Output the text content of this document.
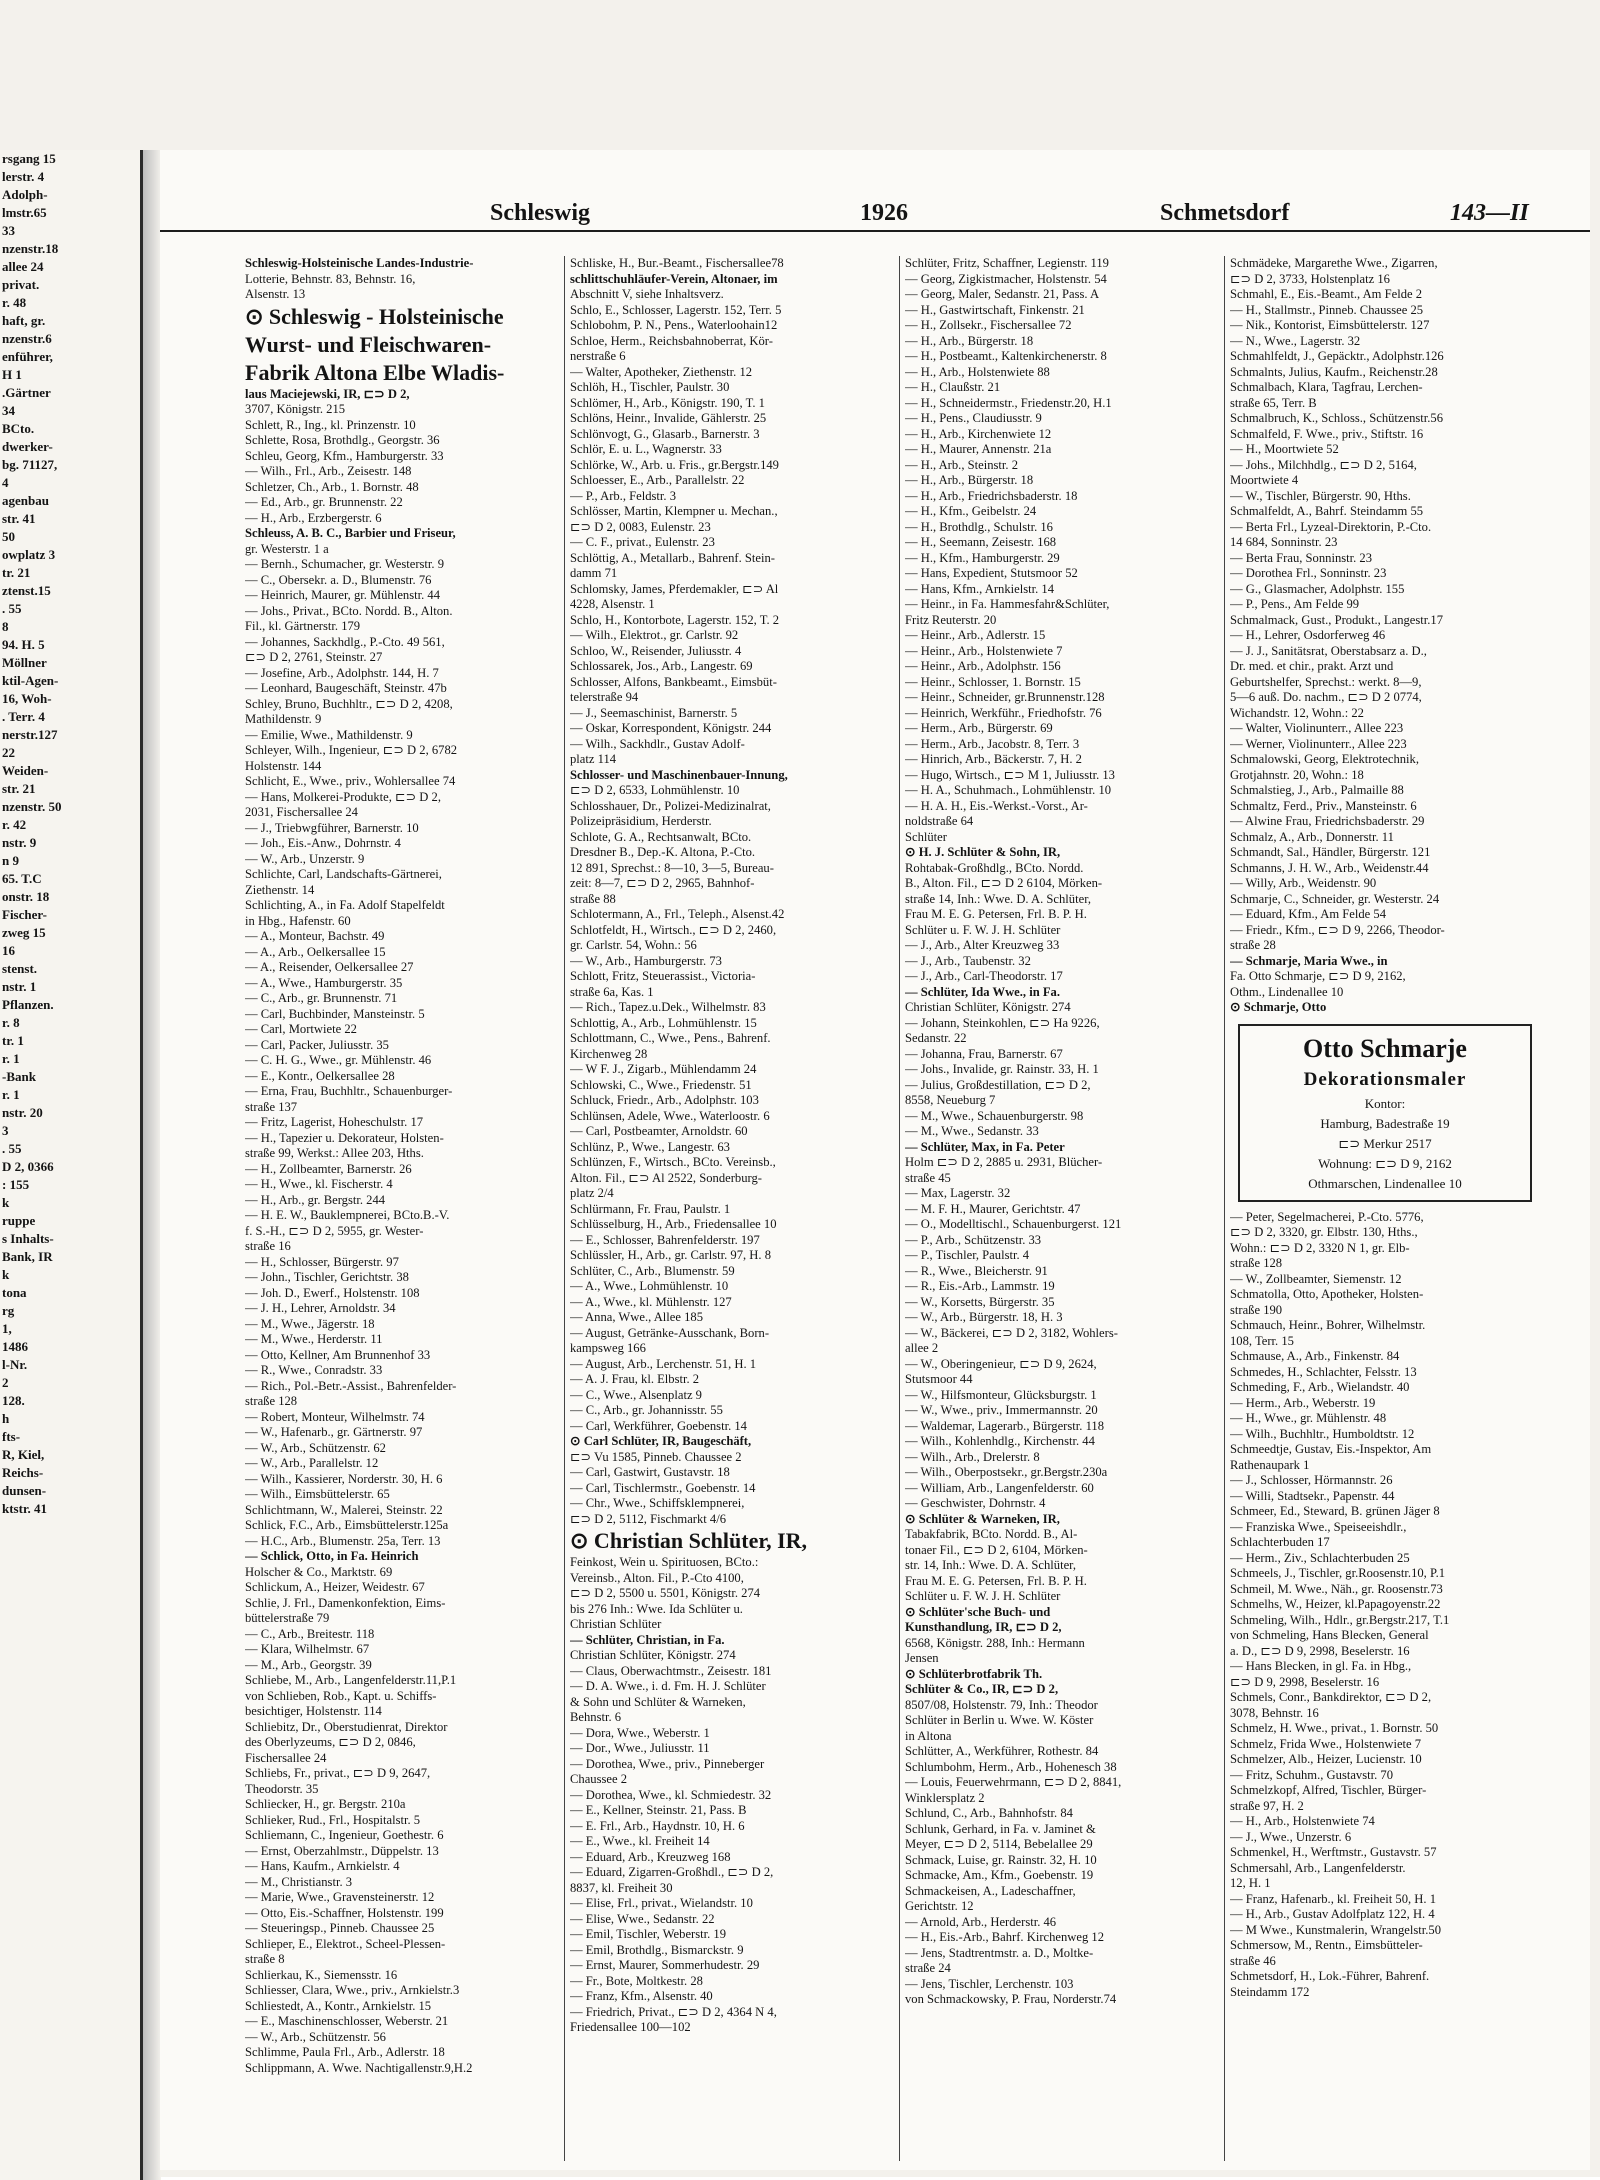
rsgang 15
lerstr. 4
Adolph-
lmstr.65
33
nzenstr.18
allee 24
privat.
r. 48
haft, gr.
nzenstr.6
enführer,
H 1
.Gärtner
34
BCto.
dwerker-
bg. 71127,
4
agenbau
str. 41
50
owplatz 3
tr. 21
ztenst.15
. 55
8
94. H. 5
Möllner
ktil-Agen-
16, Woh-
. Terr. 4
nerstr.127
22
Weiden-
str. 21
nzenstr. 50
r. 42
nstr. 9
n 9
65. T.C
onstr. 18
Fischer-
zweg 15
16
stenst.
nstr. 1
Pflanzen.
r. 8
tr. 1
r. 1
-Bank
r. 1
nstr. 20
3
. 55
D 2, 0366
: 155
k
ruppe
s Inhalts-
Bank, IR
k
tona
rg
1,
1486
l-Nr.
2
128.
h
fts-
R, Kiel,
Reichs-
dunsen-
ktstr. 41
Schleswig	1926	Schmetsdorf	143—II
Schleswig-Holsteinische Landes-Industrie-
Lotterie, Behnstr. 83, Behnstr. 16,
Alsenstr. 13
⊙ Schleswig - Holsteinische
Wurst- und Fleischwaren-
Fabrik Altona Elbe Wladis-
laus Maciejewski, IR, ⊏⊃ D 2,
3707, Königstr. 215
Schlett, R., Ing., kl. Prinzenstr. 10
Schlette, Rosa, Brothdlg., Georgstr. 36
Schleu, Georg, Kfm., Hamburgerstr. 33
— Wilh., Frl., Arb., Zeisestr. 148
Schletzer, Ch., Arb., 1. Bornstr. 48
— Ed., Arb., gr. Brunnenstr. 22
— H., Arb., Erzbergerstr. 6
Schleuss, A. B. C., Barbier und Friseur,
gr. Westerstr. 1 a
— Bernh., Schumacher, gr. Westerstr. 9
— C., Obersekr. a. D., Blumenstr. 76
— Heinrich, Maurer, gr. Mühlenstr. 44
— Johs., Privat., BCto. Nordd. B., Alton.
Fil., kl. Gärtnerstr. 179
— Johannes, Sackhdlg., P.-Cto. 49 561,
⊏⊃ D 2, 2761, Steinstr. 27
— Josefine, Arb., Adolphstr. 144, H. 7
— Leonhard, Baugeschäft, Steinstr. 47b
Schley, Bruno, Buchhltr., ⊏⊃ D 2, 4208,
Mathildenstr. 9
— Emilie, Wwe., Mathildenstr. 9
Schleyer, Wilh., Ingenieur, ⊏⊃ D 2, 6782
Holstenstr. 144
Schlicht, E., Wwe., priv., Wohlersallee 74
— Hans, Molkerei-Produkte, ⊏⊃ D 2,
2031, Fischersallee 24
— J., Triebwgführer, Barnerstr. 10
— Joh., Eis.-Anw., Dohrnstr. 4
— W., Arb., Unzerstr. 9
Schlichte, Carl, Landschafts-Gärtnerei,
Ziethenstr. 14
Schlichting, A., in Fa. Adolf Stapelfeldt
in Hbg., Hafenstr. 60
— A., Monteur, Bachstr. 49
— A., Arb., Oelkersallee 15
— A., Reisender, Oelkersallee 27
— A., Wwe., Hamburgerstr. 35
— C., Arb., gr. Brunnenstr. 71
— Carl, Buchbinder, Mansteinstr. 5
— Carl, Mortwiete 22
— Carl, Packer, Juliusstr. 35
— C. H. G., Wwe., gr. Mühlenstr. 46
— E., Kontr., Oelkersallee 28
— Erna, Frau, Buchhltr., Schauenburger-
straße 137
— Fritz, Lagerist, Hoheschulstr. 17
— H., Tapezier u. Dekorateur, Holsten-
straße 99, Werkst.: Allee 203, Hths.
— H., Zollbeamter, Barnerstr. 26
— H., Wwe., kl. Fischerstr. 4
— H., Arb., gr. Bergstr. 244
— H. E. W., Bauklempnerei, BCto.B.-V.
f. S.-H., ⊏⊃ D 2, 5955, gr. Wester-
straße 16
— H., Schlosser, Bürgerstr. 97
— John., Tischler, Gerichtstr. 38
— Joh. D., Ewerf., Holstenstr. 108
— J. H., Lehrer, Arnoldstr. 34
— M., Wwe., Jägerstr. 18
— M., Wwe., Herderstr. 11
— Otto, Kellner, Am Brunnenhof 33
— R., Wwe., Conradstr. 33
— Rich., Pol.-Betr.-Assist., Bahrenfelder-
straße 128
— Robert, Monteur, Wilhelmstr. 74
— W., Hafenarb., gr. Gärtnerstr. 97
— W., Arb., Schützenstr. 62
— W., Arb., Parallelstr. 12
— Wilh., Kassierer, Norderstr. 30, H. 6
— Wilh., Eimsbüttelerstr. 65
Schlichtmann, W., Malerei, Steinstr. 22
Schlick, F.C., Arb., Eimsbüttelerstr.125a
— H.C., Arb., Blumenstr. 25a, Terr. 13
— Schlick, Otto, in Fa. Heinrich
Holscher & Co., Marktstr. 69
Schlickum, A., Heizer, Weidestr. 67
Schlie, J. Frl., Damenkonfektion, Eims-
büttelerstraße 79
— C., Arb., Breitestr. 118
— Klara, Wilhelmstr. 67
— M., Arb., Georgstr. 39
Schliebe, M., Arb., Langenfelderstr.11,P.1
von Schlieben, Rob., Kapt. u. Schiffs-
besichtiger, Holstenstr. 114
Schliebitz, Dr., Oberstudienrat, Direktor
des Oberlyzeums, ⊏⊃ D 2, 0846,
Fischersallee 24
Schliebs, Fr., privat., ⊏⊃ D 9, 2647,
Theodorstr. 35
Schliecker, H., gr. Bergstr. 210a
Schlieker, Rud., Frl., Hospitalstr. 5
Schliemann, C., Ingenieur, Goethestr. 6
— Ernst, Oberzahlmstr., Düppelstr. 13
— Hans, Kaufm., Arnkielstr. 4
— M., Christianstr. 3
— Marie, Wwe., Gravensteinerstr. 12
— Otto, Eis.-Schaffner, Holstenstr. 199
— Steueringsp., Pinneb. Chaussee 25
Schlieper, E., Elektrot., Scheel-Plessen-
straße 8
Schlierkau, K., Siemensstr. 16
Schliesser, Clara, Wwe., priv., Arnkielstr.3
Schliestedt, A., Kontr., Arnkielstr. 15
— E., Maschinenschlosser, Weberstr. 21
— W., Arb., Schützenstr. 56
Schlimme, Paula Frl., Arb., Adlerstr. 18
Schlippmann, A. Wwe. Nachtigallenstr.9,H.2
Schliske, H., Bur.-Beamt., Fischersallee78
schlittschuhläufer-Verein, Altonaer, im
Abschnitt V, siehe Inhaltsverz.
Schlo, E., Schlosser, Lagerstr. 152, Terr. 5
Schlobohm, P. N., Pens., Waterloohain12
Schloe, Herm., Reichsbahnoberrat, Kör-
nerstraße 6
— Walter, Apotheker, Ziethenstr. 12
Schlöh, H., Tischler, Paulstr. 30
Schlömer, H., Arb., Königstr. 190, T. 1
Schlöns, Heinr., Invalide, Gählerstr. 25
Schlönvogt, G., Glasarb., Barnerstr. 3
Schlör, E. u. L., Wagnerstr. 33
Schlörke, W., Arb. u. Fris., gr.Bergstr.149
Schloesser, E., Arb., Parallelstr. 22
— P., Arb., Feldstr. 3
Schlösser, Martin, Klempner u. Mechan.,
⊏⊃ D 2, 0083, Eulenstr. 23
— C. F., privat., Eulenstr. 23
Schlöttig, A., Metallarb., Bahrenf. Stein-
damm 71
Schlomsky, James, Pferdemakler, ⊏⊃ Al
4228, Alsenstr. 1
Schlo, H., Kontorbote, Lagerstr. 152, T. 2
— Wilh., Elektrot., gr. Carlstr. 92
Schloo, W., Reisender, Juliusstr. 4
Schlossarek, Jos., Arb., Langestr. 69
Schlosser, Alfons, Bankbeamt., Eimsbüt-
telerstraße 94
— J., Seemaschinist, Barnerstr. 5
— Oskar, Korrespondent, Königstr. 244
— Wilh., Sackhdlr., Gustav Adolf-
platz 114
Schlosser- und Maschinenbauer-Innung,
⊏⊃ D 2, 6533, Lohmühlenstr. 10
Schlosshauer, Dr., Polizei-Medizinalrat,
Polizeipräsidium, Herderstr.
Schlote, G. A., Rechtsanwalt, BCto.
Dresdner B., Dep.-K. Altona, P.-Cto.
12 891, Sprechst.: 8—10, 3—5, Bureau-
zeit: 8—7, ⊏⊃ D 2, 2965, Bahnhof-
straße 88
Schlotermann, A., Frl., Teleph., Alsenst.42
Schlotfeldt, H., Wirtsch., ⊏⊃ D 2, 2460,
gr. Carlstr. 54, Wohn.: 56
— W., Arb., Hamburgerstr. 73
Schlott, Fritz, Steuerassist., Victoria-
straße 6a, Kas. 1
— Rich., Tapez.u.Dek., Wilhelmstr. 83
Schlottig, A., Arb., Lohmühlenstr. 15
Schlottmann, C., Wwe., Pens., Bahrenf.
Kirchenweg 28
— W F. J., Zigarb., Mühlendamm 24
Schlowski, C., Wwe., Friedenstr. 51
Schluck, Friedr., Arb., Adolphstr. 103
Schlünsen, Adele, Wwe., Waterloostr. 6
— Carl, Postbeamter, Arnoldstr. 60
Schlünz, P., Wwe., Langestr. 63
Schlünzen, F., Wirtsch., BCto. Vereinsb.,
Alton. Fil., ⊏⊃ Al 2522, Sonderburg-
platz 2/4
Schlürmann, Fr. Frau, Paulstr. 1
Schlüsselburg, H., Arb., Friedensallee 10
— E., Schlosser, Bahrenfelderstr. 197
Schlüssler, H., Arb., gr. Carlstr. 97, H. 8
Schlüter, C., Arb., Blumenstr. 59
— A., Wwe., Lohmühlenstr. 10
— A., Wwe., kl. Mühlenstr. 127
— Anna, Wwe., Allee 185
— August, Getränke-Ausschank, Born-
kampsweg 166
— August, Arb., Lerchenstr. 51, H. 1
— A. J. Frau, kl. Elbstr. 2
— C., Wwe., Alsenplatz 9
— C., Arb., gr. Johannisstr. 55
— Carl, Werkführer, Goebenstr. 14
⊙ Carl Schlüter, IR, Baugeschäft,
⊏⊃ Vu 1585, Pinneb. Chaussee 2
— Carl, Gastwirt, Gustavstr. 18
— Carl, Tischlermstr., Goebenstr. 14
— Chr., Wwe., Schiffsklempnerei,
⊏⊃ D 2, 5112, Fischmarkt 4/6
⊙ Christian Schlüter, IR,
Feinkost, Wein u. Spirituosen, BCto.:
Vereinsb., Alton. Fil., P.-Cto 4100,
⊏⊃ D 2, 5500 u. 5501, Königstr. 274
bis 276 Inh.: Wwe. Ida Schlüter u.
Christian Schlüter
— Schlüter, Christian, in Fa.
Christian Schlüter, Königstr. 274
— Claus, Oberwachtmstr., Zeisestr. 181
— D. A. Wwe., i. d. Fm. H. J. Schlüter
& Sohn und Schlüter & Warneken,
Behnstr. 6
— Dora, Wwe., Weberstr. 1
— Dor., Wwe., Juliusstr. 11
— Dorothea, Wwe., priv., Pinneberger
Chaussee 2
— Dorothea, Wwe., kl. Schmiedestr. 32
— E., Kellner, Steinstr. 21, Pass. B
— E. Frl., Arb., Haydnstr. 10, H. 6
— E., Wwe., kl. Freiheit 14
— Eduard, Arb., Kreuzweg 168
— Eduard, Zigarren-Großhdl., ⊏⊃ D 2,
8837, kl. Freiheit 30
— Elise, Frl., privat., Wielandstr. 10
— Elise, Wwe., Sedanstr. 22
— Emil, Tischler, Weberstr. 19
— Emil, Brothdlg., Bismarckstr. 9
— Ernst, Maurer, Sommerhudestr. 29
— Fr., Bote, Moltkestr. 28
— Franz, Kfm., Alsenstr. 40
— Friedrich, Privat., ⊏⊃ D 2, 4364 N 4,
Friedensallee 100—102
Schlüter, Fritz, Schaffner, Legienstr. 119
— Georg, Zigkistmacher, Holstenstr. 54
— Georg, Maler, Sedanstr. 21, Pass. A
— H., Gastwirtschaft, Finkenstr. 21
— H., Zollsekr., Fischersallee 72
— H., Arb., Bürgerstr. 18
— H., Postbeamt., Kaltenkirchenerstr. 8
— H., Arb., Holstenwiete 88
— H., Claußstr. 21
— H., Schneidermstr., Friedenstr.20, H.1
— H., Pens., Claudiusstr. 9
— H., Arb., Kirchenwiete 12
— H., Maurer, Annenstr. 21a
— H., Arb., Steinstr. 2
— H., Arb., Bürgerstr. 18
— H., Arb., Friedrichsbaderstr. 18
— H., Kfm., Geibelstr. 24
— H., Brothdlg., Schulstr. 16
— H., Seemann, Zeisestr. 168
— H., Kfm., Hamburgerstr. 29
— Hans, Expedient, Stutsmoor 52
— Hans, Kfm., Arnkielstr. 14
— Heinr., in Fa. Hammesfahr&Schlüter,
Fritz Reuterstr. 20
— Heinr., Arb., Adlerstr. 15
— Heinr., Arb., Holstenwiete 7
— Heinr., Arb., Adolphstr. 156
— Heinr., Schlosser, 1. Bornstr. 15
— Heinr., Schneider, gr.Brunnenstr.128
— Heinrich, Werkführ., Friedhofstr. 76
— Herm., Arb., Bürgerstr. 69
— Herm., Arb., Jacobstr. 8, Terr. 3
— Hinrich, Arb., Bäckerstr. 7, H. 2
— Hugo, Wirtsch., ⊏⊃ M 1, Juliusstr. 13
— H. A., Schuhmach., Lohmühlenstr. 10
— H. A. H., Eis.-Werkst.-Vorst., Ar-
noldstraße 64
Schlüter
⊙ H. J. Schlüter & Sohn, IR,
Rohtabak-Großhdlg., BCto. Nordd.
B., Alton. Fil., ⊏⊃ D 2 6104, Mörken-
straße 14, Inh.: Wwe. D. A. Schlüter,
Frau M. E. G. Petersen, Frl. B. P. H.
Schlüter u. F. W. J. H. Schlüter
— J., Arb., Alter Kreuzweg 33
— J., Arb., Taubenstr. 32
— J., Arb., Carl-Theodorstr. 17
— Schlüter, Ida Wwe., in Fa.
Christian Schlüter, Königstr. 274
— Johann, Steinkohlen, ⊏⊃ Ha 9226,
Sedanstr. 22
— Johanna, Frau, Barnerstr. 67
— Johs., Invalide, gr. Rainstr. 33, H. 1
— Julius, Großdestillation, ⊏⊃ D 2,
8558, Neueburg 7
— M., Wwe., Schauenburgerstr. 98
— M., Wwe., Sedanstr. 33
— Schlüter, Max, in Fa. Peter
Holm ⊏⊃ D 2, 2885 u. 2931, Blücher-
straße 45
— Max, Lagerstr. 32
— M. F. H., Maurer, Gerichtstr. 47
— O., Modelltischl., Schauenburgerst. 121
— P., Arb., Schützenstr. 33
— P., Tischler, Paulstr. 4
— R., Wwe., Bleicherstr. 91
— R., Eis.-Arb., Lammstr. 19
— W., Korsetts, Bürgerstr. 35
— W., Arb., Bürgerstr. 18, H. 3
— W., Bäckerei, ⊏⊃ D 2, 3182, Wohlers-
allee 2
— W., Oberingenieur, ⊏⊃ D 9, 2624,
Stutsmoor 44
— W., Hilfsmonteur, Glücksburgstr. 1
— W., Wwe., priv., Immermannstr. 20
— Waldemar, Lagerarb., Bürgerstr. 118
— Wilh., Kohlenhdlg., Kirchenstr. 44
— Wilh., Arb., Drelerstr. 8
— Wilh., Oberpostsekr., gr.Bergstr.230a
— William, Arb., Langenfelderstr. 60
— Geschwister, Dohrnstr. 4
⊙ Schlüter & Warneken, IR,
Tabakfabrik, BCto. Nordd. B., Al-
tonaer Fil., ⊏⊃ D 2, 6104, Mörken-
str. 14, Inh.: Wwe. D. A. Schlüter,
Frau M. E. G. Petersen, Frl. B. P. H.
Schlüter u. F. W. J. H. Schlüter
⊙ Schlüter'sche Buch- und
Kunsthandlung, IR, ⊏⊃ D 2,
6568, Königstr. 288, Inh.: Hermann
Jensen
⊙ Schlüterbrotfabrik Th.
Schlüter & Co., IR, ⊏⊃ D 2,
8507/08, Holstenstr. 79, Inh.: Theodor
Schlüter in Berlin u. Wwe. W. Köster
in Altona
Schlütter, A., Werkführer, Rothestr. 84
Schlumbohm, Herm., Arb., Hohenesch 38
— Louis, Feuerwehrmann, ⊏⊃ D 2, 8841,
Winklersplatz 2
Schlund, C., Arb., Bahnhofstr. 84
Schlunk, Gerhard, in Fa. v. Jaminet &
Meyer, ⊏⊃ D 2, 5114, Bebelallee 29
Schmack, Luise, gr. Rainstr. 32, H. 10
Schmacke, Am., Kfm., Goebenstr. 19
Schmackeisen, A., Ladeschaffner,
Gerichtstr. 12
— Arnold, Arb., Herderstr. 46
— H., Eis.-Arb., Bahrf. Kirchenweg 12
— Jens, Stadtrentmstr. a. D., Moltke-
straße 24
— Jens, Tischler, Lerchenstr. 103
von Schmackowsky, P. Frau, Norderstr.74
Schmädeke, Margarethe Wwe., Zigarren,
⊏⊃ D 2, 3733, Holstenplatz 16
Schmahl, E., Eis.-Beamt., Am Felde 2
— H., Stallmstr., Pinneb. Chaussee 25
— Nik., Kontorist, Eimsbüttelerstr. 127
— N., Wwe., Lagerstr. 32
Schmahlfeldt, J., Gepäcktr., Adolphstr.126
Schmalnts, Julius, Kaufm., Reichenstr.28
Schmalbach, Klara, Tagfrau, Lerchen-
straße 65, Terr. B
Schmalbruch, K., Schloss., Schützenstr.56
Schmalfeld, F. Wwe., priv., Stiftstr. 16
— H., Moortwiete 52
— Johs., Milchhdlg., ⊏⊃ D 2, 5164,
Moortwiete 4
— W., Tischler, Bürgerstr. 90, Hths.
Schmalfeldt, A., Bahrf. Steindamm 55
— Berta Frl., Lyzeal-Direktorin, P.-Cto.
14 684, Sonninstr. 23
— Berta Frau, Sonninstr. 23
— Dorothea Frl., Sonninstr. 23
— G., Glasmacher, Adolphstr. 155
— P., Pens., Am Felde 99
Schmalmack, Gust., Produkt., Langestr.17
— H., Lehrer, Osdorferweg 46
— J. J., Sanitätsrat, Oberstabsarz a. D.,
Dr. med. et chir., prakt. Arzt und
Geburtshelfer, Sprechst.: werkt. 8—9,
5—6 auß. Do. nachm., ⊏⊃ D 2 0774,
Wichandstr. 12, Wohn.: 22
— Walter, Violinunterr., Allee 223
— Werner, Violinunterr., Allee 223
Schmalowski, Georg, Elektrotechnik,
Grotjahnstr. 20, Wohn.: 18
Schmalstieg, J., Arb., Palmaille 88
Schmaltz, Ferd., Priv., Mansteinstr. 6
— Alwine Frau, Friedrichsbaderstr. 29
Schmalz, A., Arb., Donnerstr. 11
Schmandt, Sal., Händler, Bürgerstr. 121
Schmanns, J. H. W., Arb., Weidenstr.44
— Willy, Arb., Weidenstr. 90
Schmarje, C., Schneider, gr. Westerstr. 24
— Eduard, Kfm., Am Felde 54
— Friedr., Kfm., ⊏⊃ D 9, 2266, Theodor-
straße 28
— Schmarje, Maria Wwe., in
Fa. Otto Schmarje, ⊏⊃ D 9, 2162,
Othm., Lindenallee 10
⊙ Schmarje, Otto
Otto Schmarje
Dekorationsmaler
Kontor:
Hamburg, Badestraße 19
⊏⊃ Merkur 2517
Wohnung: ⊏⊃ D 9, 2162
Othmarschen, Lindenallee 10
— Peter, Segelmacherei, P.-Cto. 5776,
⊏⊃ D 2, 3320, gr. Elbstr. 130, Hths.,
Wohn.: ⊏⊃ D 2, 3320 N 1, gr. Elb-
straße 128
— W., Zollbeamter, Siemenstr. 12
Schmatolla, Otto, Apotheker, Holsten-
straße 190
Schmauch, Heinr., Bohrer, Wilhelmstr.
108, Terr. 15
Schmause, A., Arb., Finkenstr. 84
Schmedes, H., Schlachter, Felsstr. 13
Schmeding, F., Arb., Wielandstr. 40
— Herm., Arb., Weberstr. 19
— H., Wwe., gr. Mühlenstr. 48
— Wilh., Buchhltr., Humboldtstr. 12
Schmeedtje, Gustav, Eis.-Inspektor, Am
Rathenaupark 1
— J., Schlosser, Hörmannstr. 26
— Willi, Stadtsekr., Papenstr. 44
Schmeer, Ed., Steward, B. grünen Jäger 8
— Franziska Wwe., Speiseeishdlr.,
Schlachterbuden 17
— Herm., Ziv., Schlachterbuden 25
Schmeels, J., Tischler, gr.Roosenstr.10, P.1
Schmeil, M. Wwe., Näh., gr. Roosenstr.73
Schmelhs, W., Heizer, kl.Papagoyenstr.22
Schmeling, Wilh., Hdlr., gr.Bergstr.217, T.1
von Schmeling, Hans Blecken, General
a. D., ⊏⊃ D 9, 2998, Beselerstr. 16
— Hans Blecken, in gl. Fa. in Hbg.,
⊏⊃ D 9, 2998, Beselerstr. 16
Schmels, Conr., Bankdirektor, ⊏⊃ D 2,
3078, Behnstr. 16
Schmelz, H. Wwe., privat., 1. Bornstr. 50
Schmelz, Frida Wwe., Holstenwiete 7
Schmelzer, Alb., Heizer, Lucienstr. 10
— Fritz, Schuhm., Gustavstr. 70
Schmelzkopf, Alfred, Tischler, Bürger-
straße 97, H. 2
— H., Arb., Holstenwiete 74
— J., Wwe., Unzerstr. 6
Schmenkel, H., Werftmstr., Gustavstr. 57
Schmersahl, Arb., Langenfelderstr.
12, H. 1
— Franz, Hafenarb., kl. Freiheit 50, H. 1
— H., Arb., Gustav Adolfplatz 122, H. 4
— M Wwe., Kunstmalerin, Wrangelstr.50
Schmersow, M., Rentn., Eimsbütteler-
straße 46
Schmetsdorf, H., Lok.-Führer, Bahrenf.
Steindamm 172
